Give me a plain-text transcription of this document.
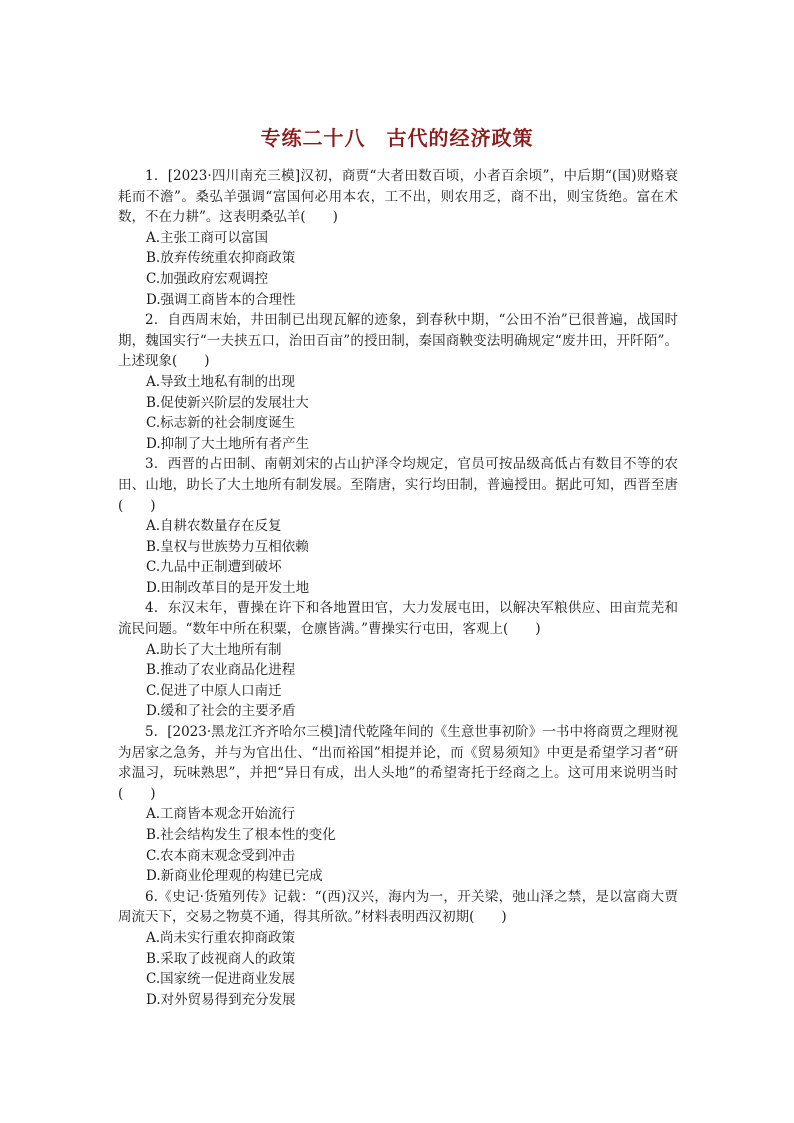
专练二十八　古代的经济政策

1．[2023·四川南充三模]汉初，商贾“大者田数百顷，小者百余顷”，中后期“(国)财赂衰耗而不澹”。桑弘羊强调“富国何必用本农，工不出，则农用乏，商不出，则宝货绝。富在术数，不在力耕”。这表明桑弘羊(　　)

A.主张工商可以富国

B.放弃传统重农抑商政策

C.加强政府宏观调控

D.强调工商皆本的合理性

2．自西周末始，井田制已出现瓦解的迹象，到春秋中期，“公田不治”已很普遍，战国时期，魏国实行“一夫挟五口，治田百亩”的授田制，秦国商鞅变法明确规定“废井田，开阡陌”。上述现象(　　)

A.导致土地私有制的出现

B.促使新兴阶层的发展壮大

C.标志新的社会制度诞生

D.抑制了大土地所有者产生

3．西晋的占田制、南朝刘宋的占山护泽令均规定，官员可按品级高低占有数目不等的农田、山地，助长了大土地所有制发展。至隋唐，实行均田制，普遍授田。据此可知，西晋至唐(　　)

A.自耕农数量存在反复

B.皇权与世族势力互相依赖

C.九品中正制遭到破坏

D.田制改革目的是开发土地

4．东汉末年，曹操在许下和各地置田官，大力发展屯田，以解决军粮供应、田亩荒芜和流民问题。“数年中所在积粟，仓廪皆满。”曹操实行屯田，客观上(　　)

A.助长了大土地所有制

B.推动了农业商品化进程

C.促进了中原人口南迁

D.缓和了社会的主要矛盾

5．[2023·黑龙江齐齐哈尔三模]清代乾隆年间的《生意世事初阶》一书中将商贾之理财视为居家之急务，并与为官出仕、“出而裕国”相提并论，而《贸易须知》中更是希望学习者“研求温习，玩味熟思”，并把“异日有成，出人头地”的希望寄托于经商之上。这可用来说明当时(　　)

A.工商皆本观念开始流行

B.社会结构发生了根本性的变化

C.农本商末观念受到冲击

D.新商业伦理观的构建已完成

6.《史记·货殖列传》记载：“(西)汉兴，海内为一，开关梁，弛山泽之禁，是以富商大贾周流天下，交易之物莫不通，得其所欲。”材料表明西汉初期(　　)

A.尚未实行重农抑商政策

B.采取了歧视商人的政策

C.国家统一促进商业发展

D.对外贸易得到充分发展
